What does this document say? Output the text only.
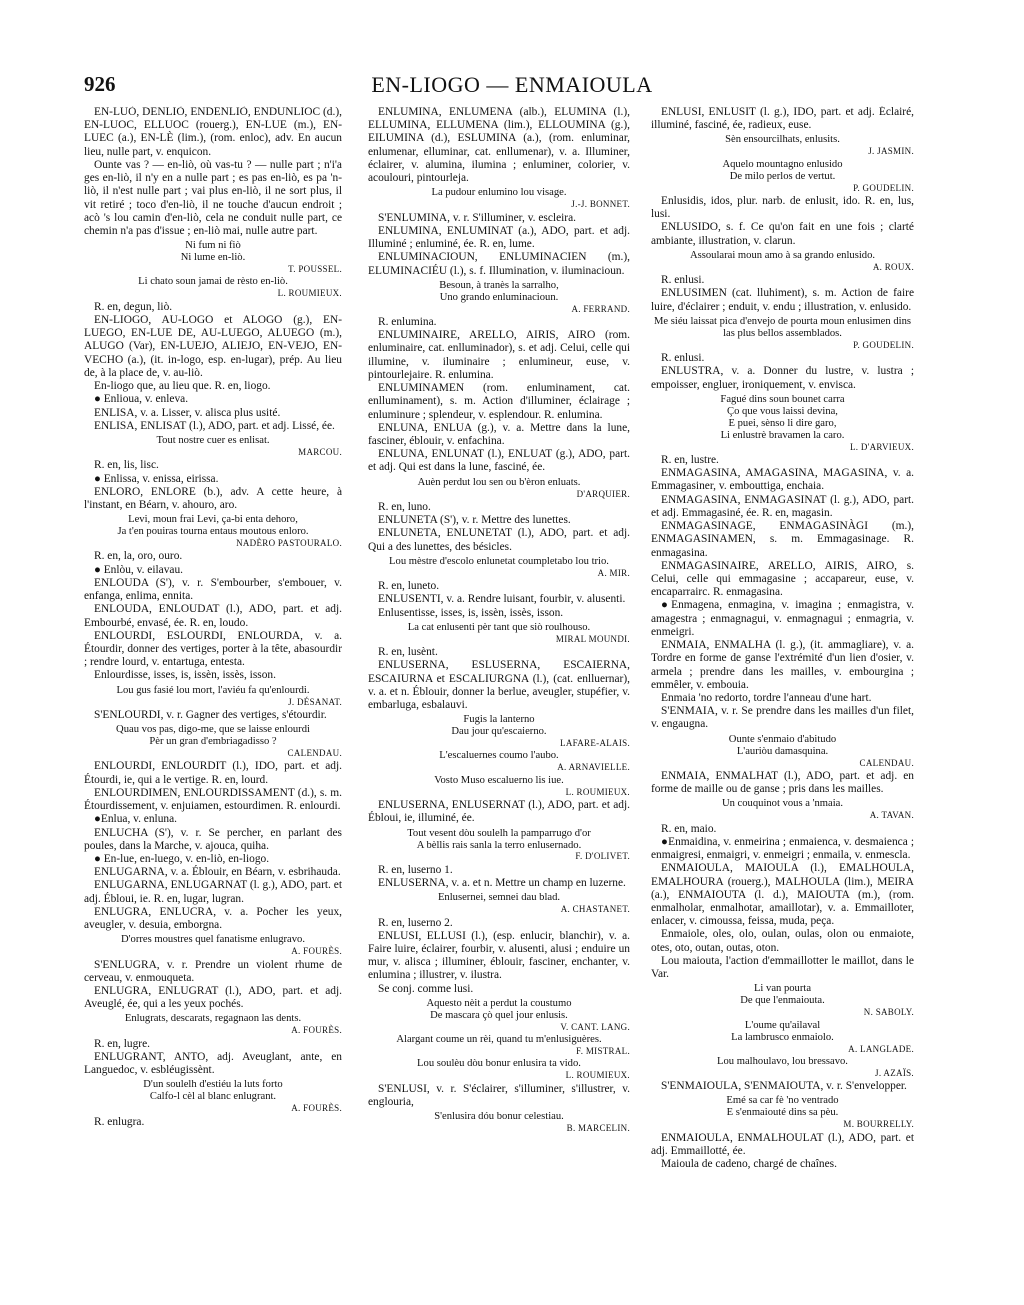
926	EN-LIOGO — ENMAIOULA

EN-LUÒ, DENLIÒ, ENDENLIÒ, ENDUNLIOC (d.), EN-LUOC, ELLUOC (rouerg.), EN-LUE (m.), EN-LUEC (a.), EN-LÈ (lim.), (rom. enloc), adv. En aucun lieu, nulle part, v. enquicon.

Ounte vas ? — en-liò, où vas-tu ? — nulle part ; n'i'a ges en-liò, il n'y en a nulle part ; es pas en-liò, es pa 'n-liò, il n'est nulle part ; vai plus en-liò, il ne sort plus, il vit retiré ; toco d'en-liò, il ne touche d'aucun endroit ; acò 's lou camin d'en-liò, cela ne conduit nulle part, ce chemin n'a pas d'issue ; en-liò mai, nulle autre part.

Ni fum ni fiò
Ni lume en-liò.

T. POUSSEL.

Li chato soun jamai de rèsto en-liò.

L. ROUMIEUX.

R. en, degun, liò.

EN-LIOGO, AU-LOGO et ALOGO (g.), EN-LUEGO, EN-LUE DE, AU-LUEGO, ALUEGO (m.), ALUGO (Var), EN-LUEJO, ALIEJO, EN-VEJO, EN-VECHO (a.), (it. in-logo, esp. en-lugar), prép. Au lieu de, à la place de, v. au-liò.

En-liogo que, au lieu que. R. en, liogo.

● Enlioua, v. enleva.

ENLISA, v. a. Lisser, v. alisca plus usité.

ENLISA, ENLISAT (l.), ADO, part. et adj. Lissé, ée.

Tout nostre cuer es enlisat.

MARCOU.

R. en, lis, lisc.

● Enlissa, v. enissa, eirissa.

ENLORO, ENLORE (b.), adv. A cette heure, à l'instant, en Béarn, v. ahouro, aro.

Levi, moun frai Levi, ça-bi enta dehoro,
Ja t'en pouiras tourna entaus moutous enloro.

NADÈRO PASTOURALO.

R. en, la, oro, ouro.

● Enlòu, v. eilavau.

ENLOUDA (S'), v. r. S'embourber, s'embouer, v. enfanga, enlima, ennita.

ENLOUDA, ENLOUDAT (l.), ADO, part. et adj. Embourbé, envasé, ée. R. en, loudo.

ENLOURDI, ESLOURDI, ENLOURDA, v. a. Étourdir, donner des vertiges, porter à la tête, abasourdir ; rendre lourd, v. entartuga, entesta.

Enlourdisse, isses, is, issèn, issès, isson.

Lou gus fasié lou mort, l'aviéu fa qu'enlourdi.

J. DÉSANAT.

S'ENLOURDI, v. r. Gagner des vertiges, s'étourdir.

Quau vos pas, digo-me, que se laisse enlourdi
Pèr un gran d'embriagadisso ?

CALENDAU.

ENLOURDI, ENLOURDIT (l.), IDO, part. et adj. Étourdi, ie, qui a le vertige. R. en, lourd.

ENLOURDIMEN, ENLOURDISSAMENT (d.), s. m. Étourdissement, v. enjuiamen, estourdimen. R. enlourdi.

●Enlua, v. enluna.

ENLUCHA (S'), v. r. Se percher, en parlant des poules, dans la Marche, v. ajouca, quiha.

● En-lue, en-luego, v. en-liò, en-liogo.

ENLUGARNA, v. a. Éblouir, en Béarn, v. esbrihauda.

ENLUGARNA, ENLUGARNAT (l. g.), ADO, part. et adj. Ébloui, ie. R. en, lugar, lugran.

ENLUGRA, ENLUCRA, v. a. Pocher les yeux, aveugler, v. desuia, emborgna.

D'orres moustres quel fanatisme enlugravo.

A. FOURÈS.

S'ENLUGRA, v. r. Prendre un violent rhume de cerveau, v. enmouqueta.

ENLUGRA, ENLUGRAT (l.), ADO, part. et adj. Aveuglé, ée, qui a les yeux pochés.

Enlugrats, descarats, regagnaon las dents.

A. FOURÈS.

R. en, lugre.

ENLUGRANT, ANTO, adj. Aveuglant, ante, en Languedoc, v. esbléugissènt.

D'un soulelh d'estiéu la luts forto
Calfo-l cèl al blanc enlugrant.

A. FOURÈS.

R. enlugra.

ENLUMINA, ENLUMENA (alb.), ELUMINA (l.), ELLUMINA, ELLUMENA (lim.), ELLOUMINA (g.), EILUMINA (d.), ESLUMINA (a.), (rom. enluminar, enlumenar, elluminar, cat. enllumenar), v. a. Illuminer, éclairer, v. alumina, ilumina ; enluminer, colorier, v. acoulouri, pintourleja.

La pudour enlumino lou visage.

J.-J. BONNET.

S'ENLUMINA, v. r. S'illuminer, v. escleira.

ENLUMINA, ENLUMINAT (a.), ADO, part. et adj. Illuminé ; enluminé, ée. R. en, lume.

ENLUMINACIOUN, ENLUMINACIEN (m.), ELUMINACIÉU (l.), s. f. Illumination, v. iluminacioun.

Besoun, à tranès la sarralho,
Uno grando enluminacioun.

A. FERRAND.

R. enlumina.

ENLUMINAIRE, ARELLO, AIRIS, AIRO (rom. enluminaire, cat. enlluminador), s. et adj. Celui, celle qui illumine, v. iluminaire ; enlumineur, euse, v. pintourlejaire. R. enlumina.

ENLUMINAMEN (rom. enluminament, cat. enlluminament), s. m. Action d'illuminer, éclairage ; enluminure ; splendeur, v. esplendour. R. enlumina.

ENLUNA, ENLUA (g.), v. a. Mettre dans la lune, fasciner, éblouir, v. enfachina.

ENLUNA, ENLUNAT (l.), ENLUAT (g.), ADO, part. et adj. Qui est dans la lune, fasciné, ée.

Auèn perdut lou sen ou b'èron enluats.

D'ARQUIER.

R. en, luno.

ENLUNETA (S'), v. r. Mettre des lunettes.

ENLUNETA, ENLUNETAT (l.), ADO, part. et adj. Qui a des lunettes, des bésicles.

Lou mèstre d'escolo enlunetat coumpletabo lou trio.

A. MIR.

R. en, luneto.

ENLUSENTI, v. a. Rendre luisant, fourbir, v. alusenti.

Enlusentisse, isses, is, issèn, issès, isson.

La cat enlusenti pèr tant que siò roulhouso.

MIRAL MOUNDI.

R. en, lusènt.

ENLUSERNA, ESLUSERNA, ESCAIERNA, ESCAIURNA et ESCALIURGNA (l.), (cat. enlluernar), v. a. et n. Éblouir, donner la berlue, aveugler, stupéfier, v. embarluga, esbalauvi.

Fugis la lanterno
Dau jour qu'escaierno.

LAFARE-ALAIS.

L'escaluernes coumo l'aubo.

A. ARNAVIELLE.

Vosto Muso escaluerno lis iue.

L. ROUMIEUX.

ENLUSERNA, ENLUSERNAT (l.), ADO, part. et adj. Ébloui, ie, illuminé, ée.

Tout vesent dòu soulelh la pamparrugo d'or
A bèllis rais sanla la terro enlusernado.

F. D'OLIVET.

R. en, luserno 1.

ENLUSERNA, v. a. et n. Mettre un champ en luzerne.

Enlusernei, semnei dau blad.

A. CHASTANET.

R. en, luserno 2.

ENLUSI, ELLUSI (l.), (esp. enlucir, blanchir), v. a. Faire luire, éclairer, fourbir, v. alusenti, alusi ; enduire un mur, v. alisca ; illuminer, éblouir, fasciner, enchanter, v. enlumina ; illustrer, v. ilustra.

Se conj. comme lusi.

Aquesto nèit a perdut la coustumo
De mascara çò quel jour enlusis.

V. CANT. LANG.

Alargant coume un rèi, quand tu m'enlusiguères.

F. MISTRAL.

Lou soulèu dòu bonur enlusira ta vido.

L. ROUMIEUX.

S'ENLUSI, v. r. S'éclairer, s'illuminer, s'illustrer, v. englouria,

S'enlusira dóu bonur celestiau.

B. MARCELIN.

ENLUSI, ENLUSIT (l. g.), IDO, part. et adj. Éclairé, illuminé, fasciné, ée, radieux, euse.

Sèn ensourcilhats, enlusits.

J. JASMIN.

Aquelo mountagno enlusido
De milo perlos de vertut.

P. GOUDELIN.

Enlusidis, idos, plur. narb. de enlusit, ido. R. en, lus, lusi.

ENLUSIDO, s. f. Ce qu'on fait en une fois ; clarté ambiante, illustration, v. clarun.

Assoularai moun amo à sa grando enlusido.

A. ROUX.

R. enlusi.

ENLUSIMEN (cat. lluhiment), s. m. Action de faire luire, d'éclairer ; enduit, v. endu ; illustration, v. enlusido.

Me siéu laissat pica d'envejo de pourta moun enlusimen dins las plus bellos assemblados.

P. GOUDELIN.

R. enlusi.

ENLUSTRA, v. a. Donner du lustre, v. lustra ; empoisser, engluer, ironiquement, v. envisca.

Fagué dins soun bounet carra
Ço que vous laissi devina,
E puei, sènso li dire garo,
Li enlustrè bravamen la caro.

L. D'ARVIEUX.

R. en, lustre.

ENMAGASINA, AMAGASINA, MAGASINA, v. a. Emmagasiner, v. embouttiga, enchaia.

ENMAGASINA, ENMAGASINAT (l. g.), ADO, part. et adj. Emmagasiné, ée. R. en, magasin.

ENMAGASINAGE, ENMAGASINÀGI (m.), ENMAGASINAMEN, s. m. Emmagasinage. R. enmagasina.

ENMAGASINAIRE, ARELLO, AIRIS, AIRO, s. Celui, celle qui emmagasine ; accapareur, euse, v. encaparrairc. R. enmagasina.

●Enmagena, enmagina, v. imagina ; enmagistra, v. amagestra ; enmagnagui, v. enmagnagui ; enmagria, v. enmeigri.

ENMAIA, ENMALHA (l. g.), (it. ammagliare), v. a. Tordre en forme de ganse l'extrémité d'un lien d'osier, v. armela ; prendre dans les mailles, v. embourgina ; emmêler, v. embouia.

Enmaia 'no redorto, tordre l'anneau d'une hart.

S'ENMAIA, v. r. Se prendre dans les mailles d'un filet, v. engaugna.

Ounte s'enmaio d'abitudo
L'auriòu damasquina.

CALENDAU.

ENMAIA, ENMALHAT (l.), ADO, part. et adj. en forme de maille ou de ganse ; pris dans les mailles.

Un couquinot vous a 'nmaia.

A. TAVAN.

R. en, maio.

●Enmaidina, v. enmeirina ; enmaienca, v. desmaienca ; enmaigresi, enmaigri, v. enmeigri ; enmaila, v. enmescla.

ENMAIOULA, MAIOULA (l.), EMALHOULA, EMALHOURA (rouerg.), MALHOULA (lim.), MEIRA (a.), ENMAIOUTA (l. d.), MAIOUTA (m.), (rom. enmalholar, enmalhotar, amaillotar), v. a. Emmailloter, enlacer, v. cimoussa, feissa, muda, peça.

Enmaiole, oles, olo, oulan, oulas, olon ou enmaiote, otes, oto, outan, outas, oton.

Lou maiouta, l'action d'emmaillotter le maillot, dans le Var.

Li van pourta
De que l'enmaiouta.

N. SABOLY.

L'oume qu'ailaval
La lambrusco enmaiolo.

A. LANGLADE.

Lou malhoulavo, lou bressavo.

J. AZAÏS.

S'ENMAIOULA, S'ENMAIOUTA, v. r. S'envelopper.

Emé sa car fè 'no ventrado
E s'enmaiouté dins sa pèu.

M. BOURRELLY.

ENMAIOULA, ENMALHOULAT (l.), ADO, part. et adj. Emmaillotté, ée.

Maioula de cadeno, chargé de chaînes.
